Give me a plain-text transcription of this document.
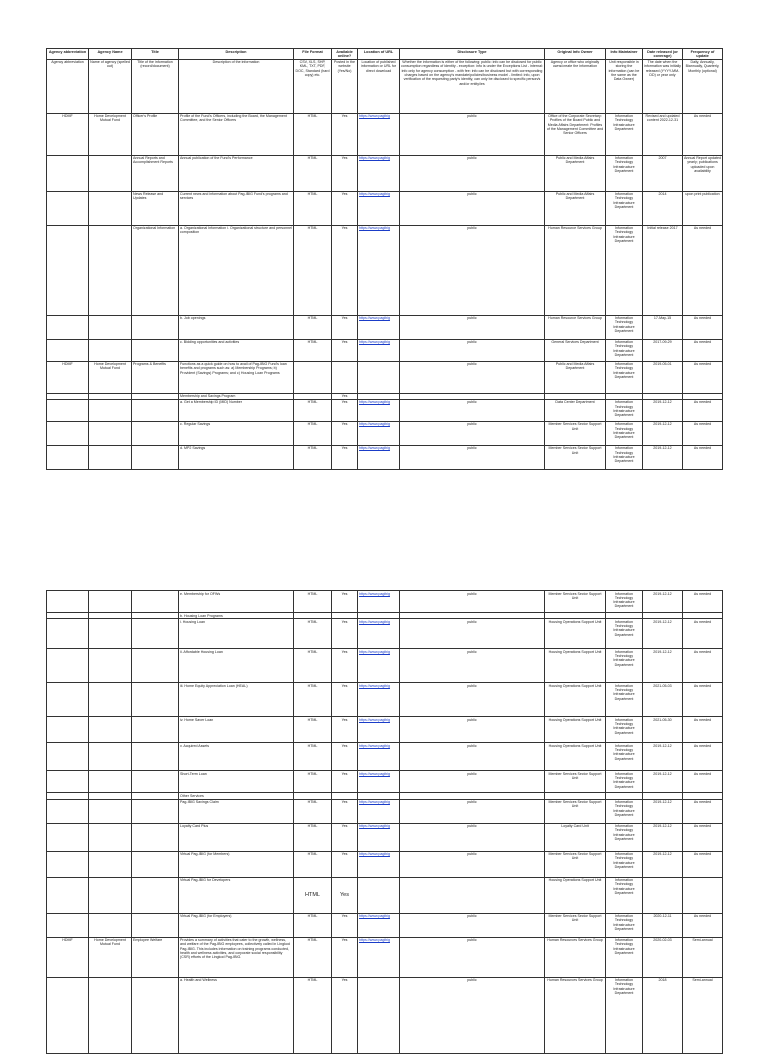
Agency abbreviation	Agency Name	Title	Description	File Format	Available online?	Location of URL	Disclosure Type	Original Info Owner	Info Maintainer	Date released (or coverage)	Frequency of update
Agency abbreviation	Name of agency (spelled out)	Title of the information (record/document)	Description of the information	CSV, XLS, SHP, KML, TXT, PDF, DOC, Standard (hard copy) etc.	Posted in the website (Yes/No)	Location of published information or URL for direct download	Whether the information is either of the following: public: info can be disclosed for public consumption regardless of identity - exception: info is under the Exceptions List - internal: info only for agency consumption - with fee: info can be disclosed but with corresponding charges based on the agency's mandate/policies/business model - limited: info, upon verification of the requesting party's identity, can only be disclosed to specific person/s and/or entity/ies	Agency or office who originally owns/create the information	Unit responsible in storing the information (can be the same as the Data Owner)	The date when the information was initially released (YYYY-MM-DD) or year only	Daily, Annually, Biannually, Quarterly, Monthly (optional)
HDMF	Home Development Mutual Fund	Officer's Profile	Profile of the Fund's Officers, including the Board, the Management Committee, and the Senior Officers	HTML	Yes	https://www.pagibig	public	Office of the Corporate Secretary: Profiles of the Board Public and Media Affairs Department: Profiles of the Management Committee and Senior Officers	Information Technology Infrastructure Department	Revised and updated content 2022-12-31	As needed
		Annual Reports and Accomplishment Reports	Annual publication of the Fund's Performance	HTML	Yes	https://www.pagibig	public	Public and Media Affairs Department	Information Technology Infrastructure Department	2007	Annual Report updated yearly; publications uploaded upon availability
		News Release and Updates	Current news and information about Pag-IBIG Fund's programs and services	HTML	Yes	https://www.pagibig	public	Public and Media Affairs Department	Information Technology Infrastructure Department	2014	upon print publication
		Organizational Information	a. Organizational Information i. Organizational structure and personnel composition	HTML	Yes	https://www.pagibig	public	Human Resource Services Group	Information Technology Infrastructure Department	Initial release 2017	As needed
			b. Job openings	HTML	Yes	https://www.pagibig	public	Human Resource Services Group	Information Technology Infrastructure Department	17-May-15	As needed
			c. Bidding opportunities and activities	HTML	Yes	https://www.pagibig	public	General Services Department	Information Technology Infrastructure Department	2017-09-29	As needed
HDMF	Home Development Mutual Fund	Programs & Benefits	Functions as a quick guide on how to avail of Pag-IBIG Fund's loan benefits and programs such as: a) Membership Programs; b) Provident (Savings) Programs; and c) Housing Loan Programs				public	Public and Media Affairs Department	Information Technology Infrastructure Department	2019-05-01	As needed
			Membership and Savings Program		Yes						
			a. Get a Membership ID (MID) Number	HTML	Yes	https://www.pagibig	public	Data Center Department	Information Technology Infrastructure Department	2019-12-12	As needed
			c. Regular Savings	HTML	Yes	https://www.pagibig	public	Member Services Sector Support Unit	Information Technology Infrastructure Department	2019-12-12	As needed
			d. MP2 Savings	HTML	Yes	https://www.pagibig	public	Member Services Sector Support Unit	Information Technology Infrastructure Department	2019-12-12	As needed
			e. Membership for OFWs	HTML	Yes	https://www.pagibig	public	Member Services Sector Support Unit	Information Technology Infrastructure Department	2019-12-12	As needed
			b. Housing Loan Programs								
			i. Housing Loan	HTML	Yes	https://www.pagibig	public	Housing Operations Support Unit	Information Technology Infrastructure Department	2019-12-12	As needed
			ii. Affordable Housing Loan	HTML	Yes	https://www.pagibig	public	Housing Operations Support Unit	Information Technology Infrastructure Department	2019-12-12	As needed
			iii. Home Equity Appreciation Loan (HEAL)	HTML	Yes	https://www.pagibig	public	Housing Operations Support Unit	Information Technology Infrastructure Department	2021-05-03	As needed
			iv. Home Saver Loan	HTML	Yes	https://www.pagibig	public	Housing Operations Support Unit	Information Technology Infrastructure Department	2021-05-30	As needed
			v. Acquired Assets	HTML	Yes	https://www.pagibig	public	Housing Operations Support Unit	Information Technology Infrastructure Department	2019-12-12	As needed
			Short-Term Loan	HTML	Yes	https://www.pagibig	public	Member Services Sector Support Unit	Information Technology Infrastructure Department	2019-12-12	As needed
			Other Services								
			Pag-IBIG Savings Claim	HTML	Yes	https://www.pagibig	public	Member Services Sector Support Unit	Information Technology Infrastructure Department	2019-12-12	As needed
			Loyalty Card Plus	HTML	Yes	https://www.pagibig	public	Loyalty Card Unit	Information Technology Infrastructure Department	2019-12-12	As needed
			Virtual Pag-IBIG (for Members)	HTML	Yes	https://www.pagibig	public	Member Services Sector Support Unit	Information Technology Infrastructure Department	2019-12-12	As needed
			Virtual Pag-IBIG for Developers	HTML	Yes			Housing Operations Support Unit	Information Technology Infrastructure Department		
			Virtual Pag-IBIG (for Employers)	HTML	Yes	https://www.pagibig	public	Member Services Sector Support Unit	Information Technology Infrastructure Department	2020-12-11	As needed
HDMF	Home Development Mutual Fund	Employee Welfare	Provides a summary of activities that cater to the growth, wellness, and welfare of the Pag-IBIG employees, collectively called in Lingkod Pag-IBIG. This includes information on training programs conducted, health and wellness activities, and corporate social responsibility (CSR) efforts of the Lingkod Pag-IBIG.	HTML	Yes	https://www.pagibig	public	Human Resources Services Group	Information Technology Infrastructure Department	2020-02-03	Semi-annual
			a. Health and Wellness	HTML	Yes		public	Human Resources Services Group	Information Technology Infrastructure Department	2018	Semi-annual
